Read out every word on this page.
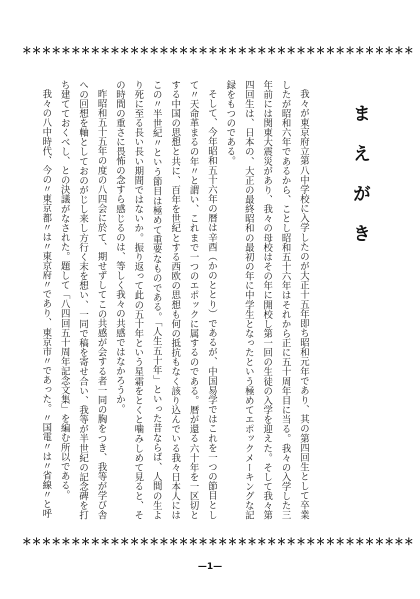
＊＊＊＊＊＊＊＊＊＊＊＊＊＊＊＊＊＊＊＊＊＊＊＊＊＊＊＊＊＊＊＊＊＊＊＊＊＊＊＊
まえがき

我々が東京府立第八中学校に入学したのが大正十五年即ち昭和元年であり、其の第四回生として卒業したが昭和六年であるから、ことし昭和五十六年はそれから正に五十周年目に当る。我々の入学した三年前には関東大震災があり、我々の母校はその年に開校し第一回の生徒の入学を迎えた。そして我々第四回生は、日本の、大正の最終昭和の最初の年に中学生となったという極めてエポックメーキングな記録をもつのである。

そして、今年昭和五十六年の暦は辛酉（かのととり）であるが、中国易学ではこれを一つの節目として〃天命革まるの年〃と謂い、これまで一つのエポックに属するのである。暦が還る六十年を一区切とする中国の思想と共に、百年を世紀とする西欧の思想も何の抵抗もなく該り込んでいる我々日本人にはこの〃半世紀〃という節目は極めて重要なものである。「人生五十年」といった昔ならば、人間の生より死に至る長い長い期間ではないか。振り返って此の五十年という星霜をとくと噛みしめて見ると、その時間の重さに畏怖の念すら感じるのは、等しく我々の共感ではなかろうか。

昨昭和五十五年の度の八四会に於て、期せずしてこの共感が会する者一同の胸をつき、我等が学び舎への回想を軸としておのがじし来し方行く末を想い、一同で稿を寄せ合い、我等が半世紀の記念碑を打ち建てておくべし、との決議がなされた。題して「八四回五十周年記念文集」を編む所以である。

我々の八中時代、今の〃東京都〃は〃東京府〃であり、東京市〃であった。〃国電〃は〃省線〃と呼

＊＊＊＊＊＊＊＊＊＊＊＊＊＊＊＊＊＊＊＊＊＊＊＊＊＊＊＊＊＊＊＊＊＊＊＊＊＊＊＊
—1—
